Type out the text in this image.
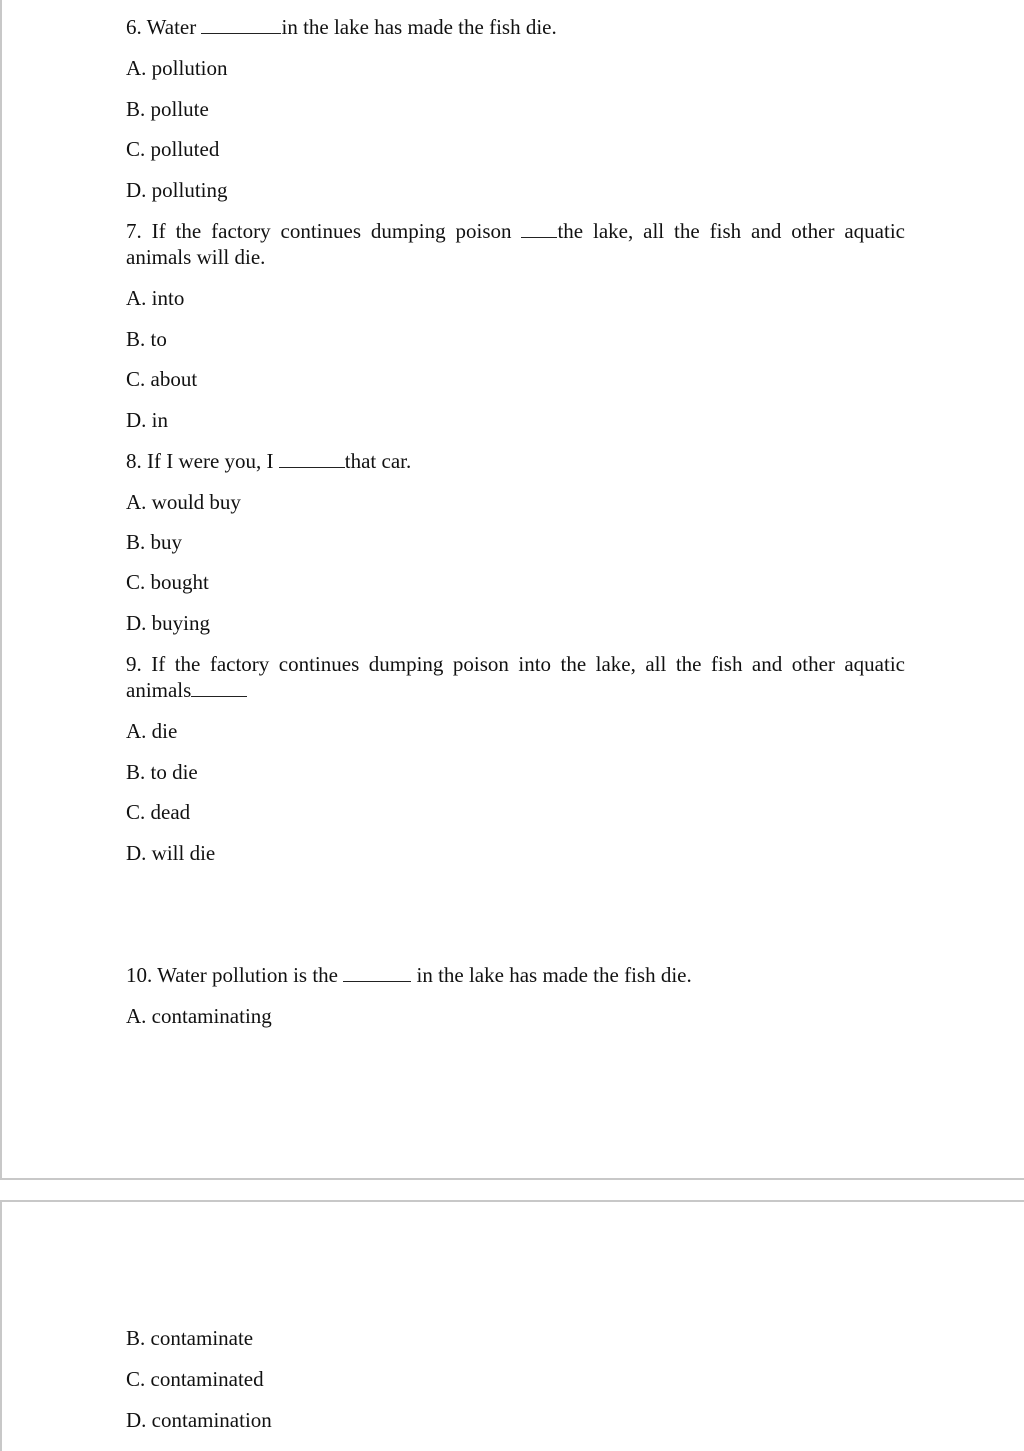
6. Water	in the lake has made the fish die.
A. pollution
B. pollute
C. polluted
D. polluting
7. If the factory continues dumping poison the lake, all the fish and other aquatic animals will die.
A. into
B. to
C. about
D. in
8. If I were you, I	that car.
A. would buy
B. buy
C. bought
D. buying
9. If the factory continues dumping poison into the lake, all the fish and other aquatic animals
A. die
B. to die
C. dead
D. will die
10. Water pollution is the	in the lake has made the fish die.
A. contaminating
B. contaminate
C. contaminated
D. contamination
